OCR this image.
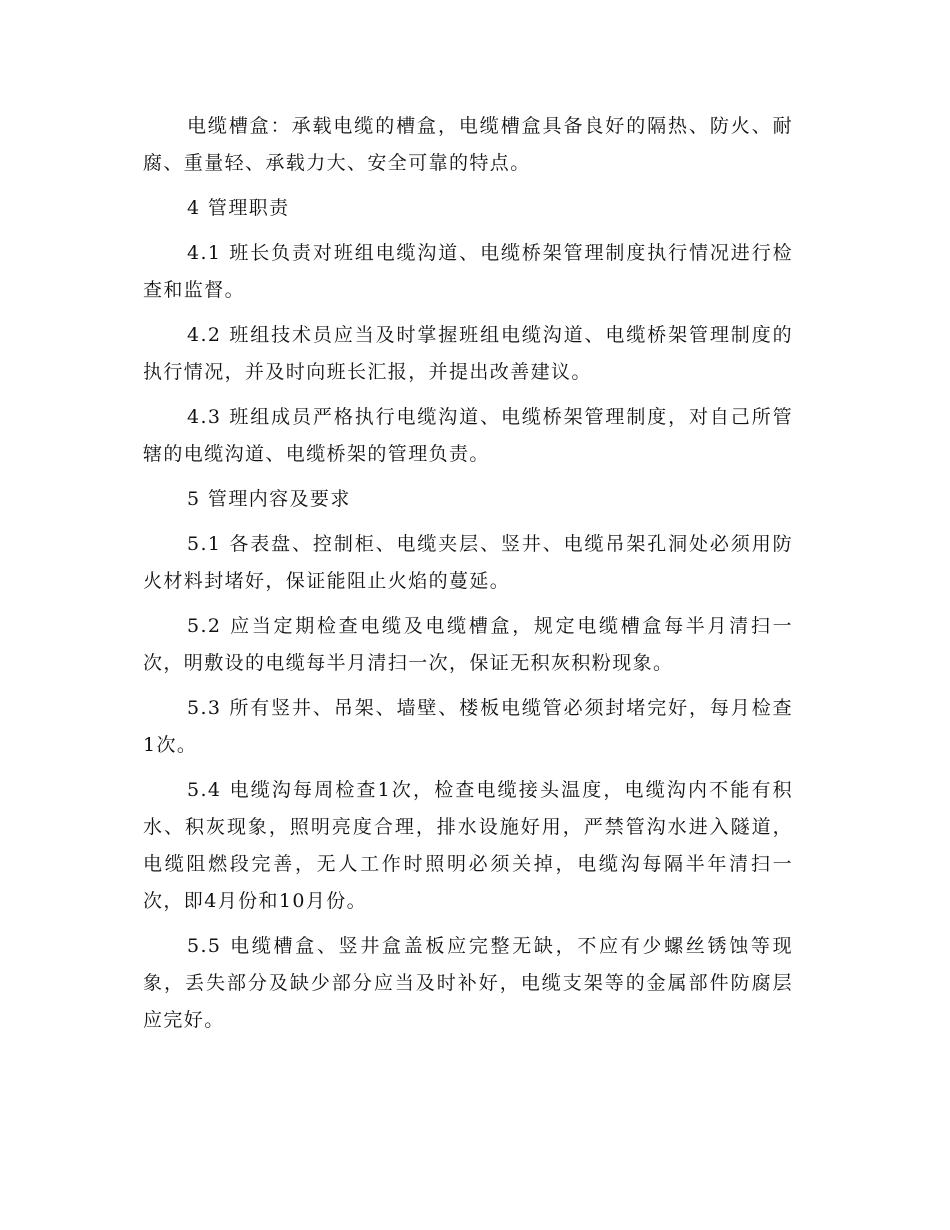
电缆槽盒：承载电缆的槽盒，电缆槽盒具备良好的隔热、防火、耐腐、重量轻、承载力大、安全可靠的特点。

4 管理职责

4.1 班长负责对班组电缆沟道、电缆桥架管理制度执行情况进行检查和监督。

4.2 班组技术员应当及时掌握班组电缆沟道、电缆桥架管理制度的执行情况，并及时向班长汇报，并提出改善建议。

4.3 班组成员严格执行电缆沟道、电缆桥架管理制度，对自己所管辖的电缆沟道、电缆桥架的管理负责。

5 管理内容及要求

5.1 各表盘、控制柜、电缆夹层、竖井、电缆吊架孔洞处必须用防火材料封堵好，保证能阻止火焰的蔓延。

5.2 应当定期检查电缆及电缆槽盒，规定电缆槽盒每半月清扫一次，明敷设的电缆每半月清扫一次，保证无积灰积粉现象。

5.3 所有竖井、吊架、墙壁、楼板电缆管必须封堵完好，每月检查1次。

5.4 电缆沟每周检查1次，检查电缆接头温度，电缆沟内不能有积水、积灰现象，照明亮度合理，排水设施好用，严禁管沟水进入隧道，电缆阻燃段完善，无人工作时照明必须关掉，电缆沟每隔半年清扫一次，即4月份和10月份。

5.5 电缆槽盒、竖井盒盖板应完整无缺，不应有少螺丝锈蚀等现象，丢失部分及缺少部分应当及时补好，电缆支架等的金属部件防腐层应完好。
